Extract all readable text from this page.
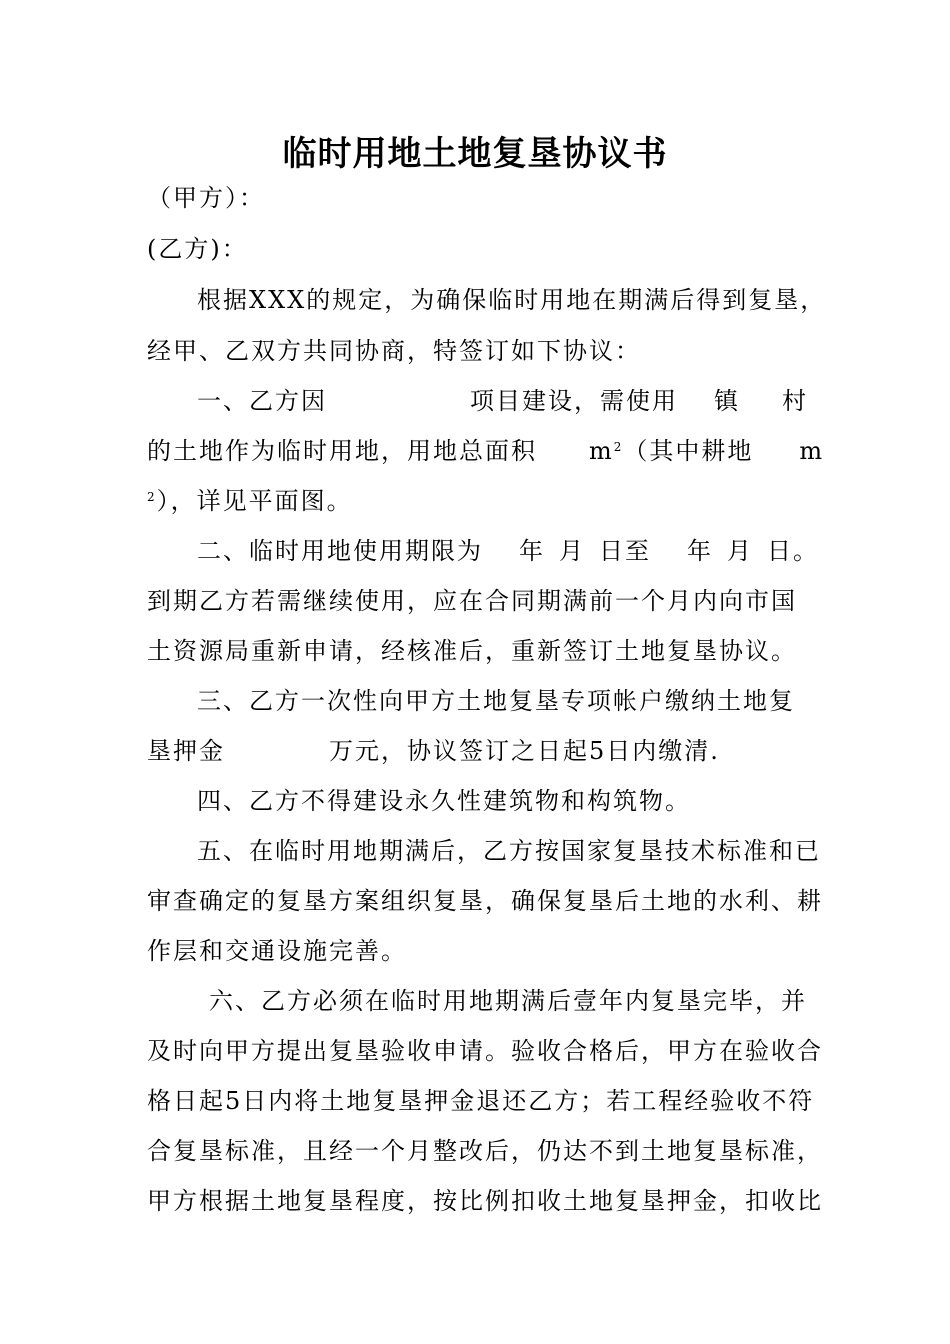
临时用地土地复垦协议书
（甲方）：
(乙方)：
根据XXX的规定，为确保临时用地在期满后得到复垦，
经甲、乙双方共同协商，特签订如下协议：
一、乙方因	项目建设，需使用 镇 村
的土地作为临时用地，用地总面积 $m^2$（其中耕地 m
$^2$），详见平面图。
二、临时用地使用期限为 年 月 日至 年 月 日。
到期乙方若需继续使用，应在合同期满前一个月内向市国
土资源局重新申请，经核准后，重新签订土地复垦协议。
三、乙方一次性向甲方土地复垦专项帐户缴纳土地复
垦押金	万元，协议签订之日起5日内缴清.
四、乙方不得建设永久性建筑物和构筑物。
五、在临时用地期满后，乙方按国家复垦技术标准和已
审查确定的复垦方案组织复垦，确保复垦后土地的水利、耕
作层和交通设施完善。
六、乙方必须在临时用地期满后壹年内复垦完毕，并
及时向甲方提出复垦验收申请。验收合格后，甲方在验收合
格日起5日内将土地复垦押金退还乙方；若工程经验收不符
合复垦标准，且经一个月整改后，仍达不到土地复垦标准，
甲方根据土地复垦程度，按比例扣收土地复垦押金，扣收比
